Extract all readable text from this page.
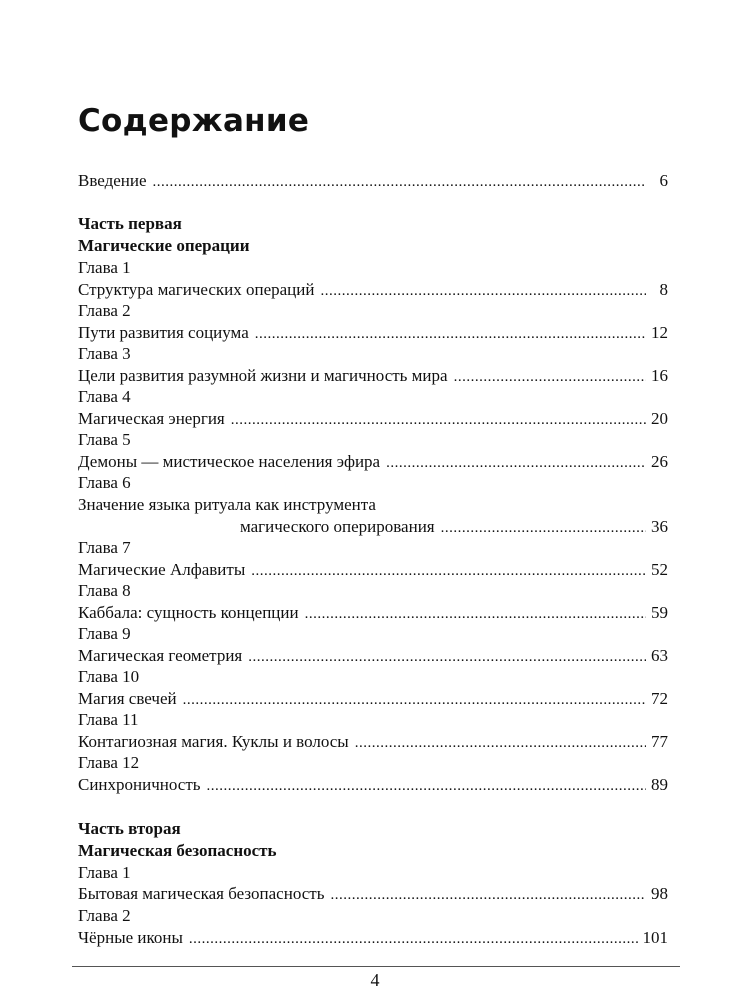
Содержание
Введение .....	6
Часть первая
Магические операции
Глава 1
Структура магических операций .....	8
Глава 2
Пути развития социума .....	12
Глава 3
Цели развития разумной жизни и магичность мира .....	16
Глава 4
Магическая энергия .....	20
Глава 5
Демоны — мистическое населения эфира .....	26
Глава 6
Значение языка ритуала как инструмента
магического оперирования .....	36
Глава 7
Магические Алфавиты .....	52
Глава 8
Каббала: сущность концепции .....	59
Глава 9
Магическая геометрия .....	63
Глава 10
Магия свечей .....	72
Глава 11
Контагиозная магия. Куклы и волосы .....	77
Глава 12
Синхроничность .....	89
Часть вторая
Магическая безопасность
Глава 1
Бытовая магическая безопасность .....	98
Глава 2
Чёрные иконы .....	101
4
